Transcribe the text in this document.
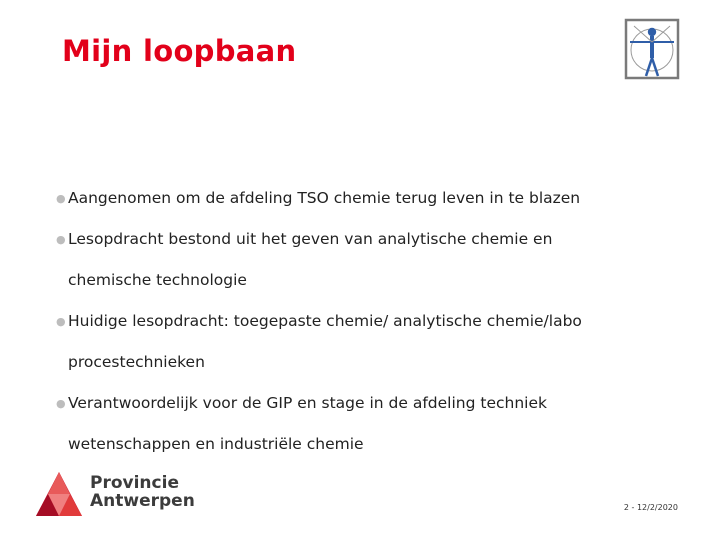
Mijn loopbaan
● Aangenomen om de afdeling TSO chemie terug leven in te blazen
● Lesopdracht bestond uit het geven van analytische chemie en
chemische technologie
● Huidige lesopdracht: toegepaste chemie/ analytische chemie/labo
procestechnieken
● Verantwoordelijk voor de GIP en stage in de afdeling techniek
wetenschappen en industriële chemie
Provincie
Antwerpen	2 - 12/2/2020
